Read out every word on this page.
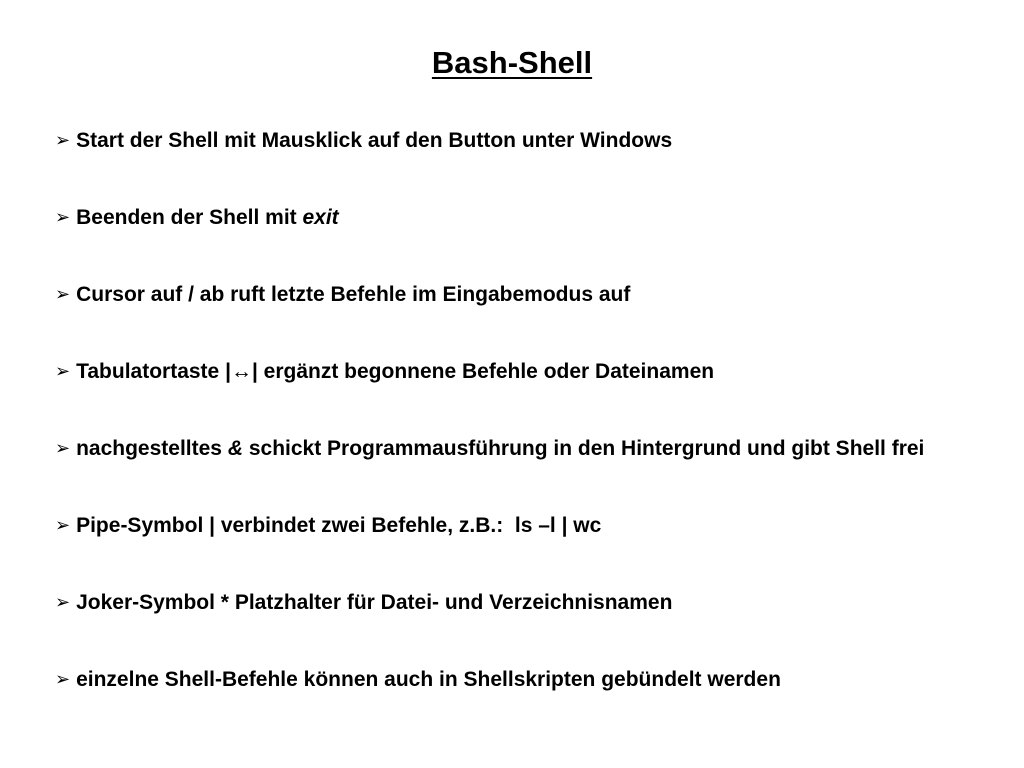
Bash-Shell
➢ Start der Shell mit Mausklick auf den Button unter Windows
➢ Beenden der Shell mit exit
➢ Cursor auf / ab ruft letzte Befehle im Eingabemodus auf
➢ Tabulatortaste |↔| ergänzt begonnene Befehle oder Dateinamen
➢ nachgestelltes & schickt Programmausführung in den Hintergrund und gibt Shell frei
➢ Pipe-Symbol | verbindet zwei Befehle, z.B.:  ls –l | wc
➢ Joker-Symbol * Platzhalter für Datei- und Verzeichnisnamen
➢ einzelne Shell-Befehle können auch in Shellskripten gebündelt werden
